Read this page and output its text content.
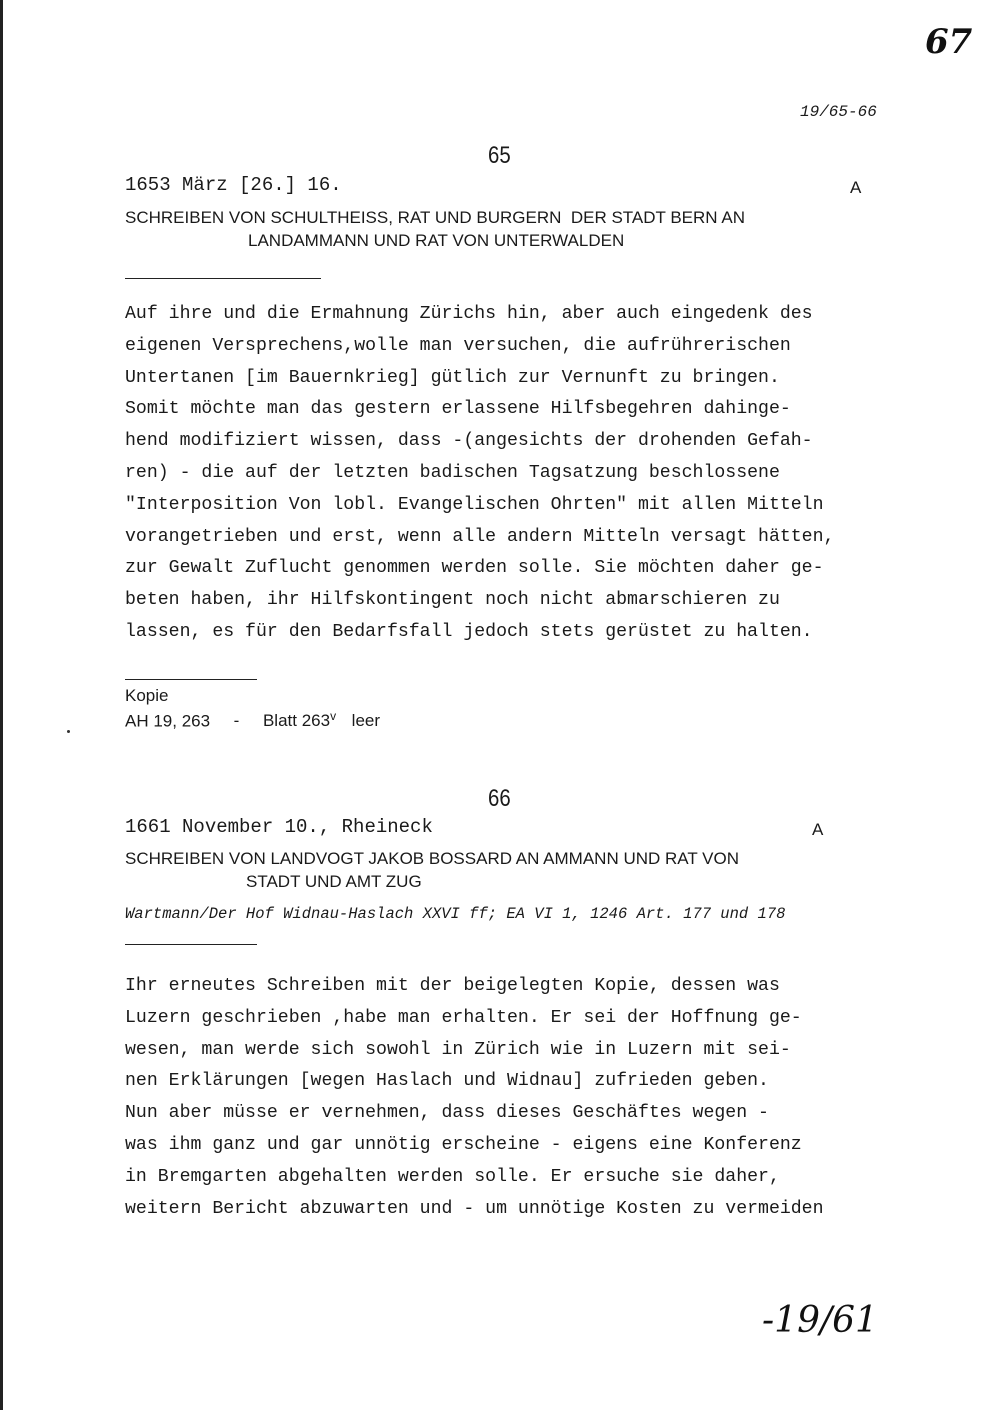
67
19/65-66
65
1653 März [26.] 16.	A
SCHREIBEN VON SCHULTHEISS, RAT UND BURGERN  DER STADT BERN AN
LANDAMMANN UND RAT VON UNTERWALDEN
Auf ihre und die Ermahnung Zürichs hin, aber auch eingedenk des
eigenen Versprechens,wolle man versuchen, die aufrührerischen
Untertanen [im Bauernkrieg] gütlich zur Vernunft zu bringen.
Somit möchte man das gestern erlassene Hilfsbegehren dahinge-
hend modifiziert wissen, dass -(angesichts der drohenden Gefah-
ren) - die auf der letzten badischen Tagsatzung beschlossene
"Interposition Von lobl. Evangelischen Ohrten" mit allen Mitteln
vorangetrieben und erst, wenn alle andern Mitteln versagt hätten,
zur Gewalt Zuflucht genommen werden solle. Sie möchten daher ge-
beten haben, ihr Hilfskontingent noch nicht abmarschieren zu
lassen, es für den Bedarfsfall jedoch stets gerüstet zu halten.
Kopie
AH 19, 263 - Blatt 263$^v$ leer
66
1661 November 10., Rheineck	A
SCHREIBEN VON LANDVOGT JAKOB BOSSARD AN AMMANN UND RAT VON
STADT UND AMT ZUG
Wartmann/Der Hof Widnau-Haslach XXVI ff; EA VI 1, 1246 Art. 177 und 178
Ihr erneutes Schreiben mit der beigelegten Kopie, dessen was
Luzern geschrieben ,habe man erhalten. Er sei der Hoffnung ge-
wesen, man werde sich sowohl in Zürich wie in Luzern mit sei-
nen Erklärungen [wegen Haslach und Widnau] zufrieden geben.
Nun aber müsse er vernehmen, dass dieses Geschäftes wegen -
was ihm ganz und gar unnötig erscheine - eigens eine Konferenz
in Bremgarten abgehalten werden solle. Er ersuche sie daher,
weitern Bericht abzuwarten und - um unnötige Kosten zu vermeiden
-19/61
